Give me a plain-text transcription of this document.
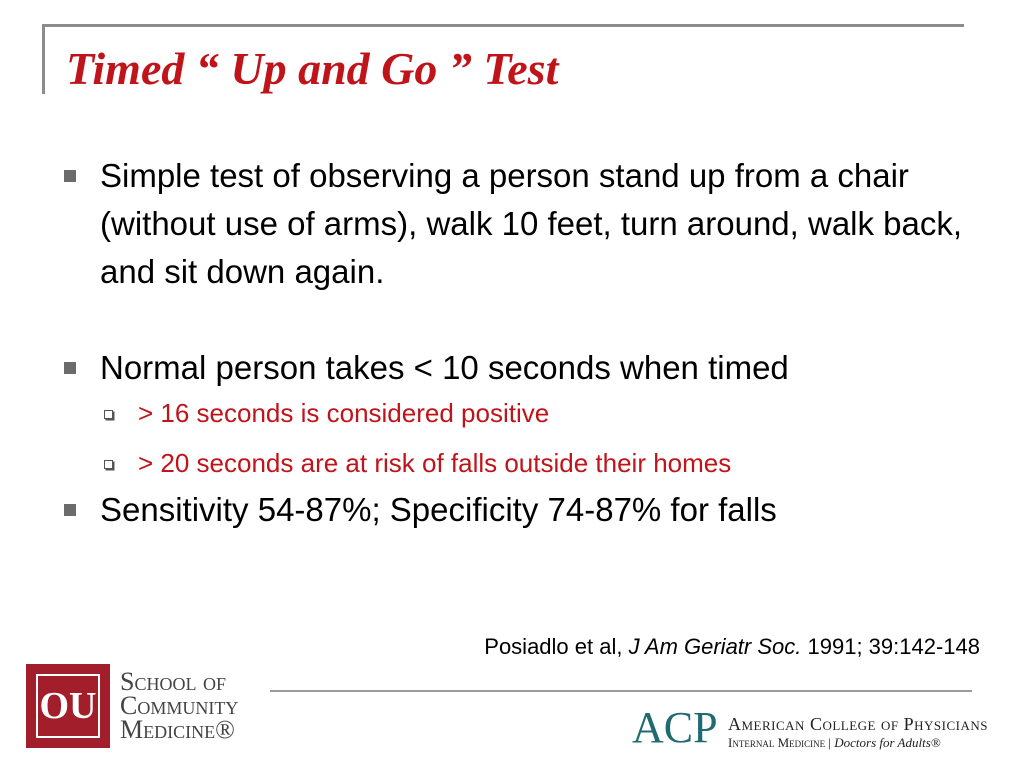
Timed “ Up and Go ” Test
Simple test of observing a person stand up from a chair (without use of arms), walk 10 feet, turn around, walk back, and sit down again.
Normal person takes < 10 seconds when timed
> 16 seconds is considered positive
> 20 seconds are at risk of falls outside their homes
Sensitivity 54-87%; Specificity 74-87% for falls
Posiadlo et al, J Am Geriatr Soc. 1991; 39:142-148
OU
School of
Community
Medicine®	ACP American College of Physicians
Internal Medicine | Doctors for Adults®
